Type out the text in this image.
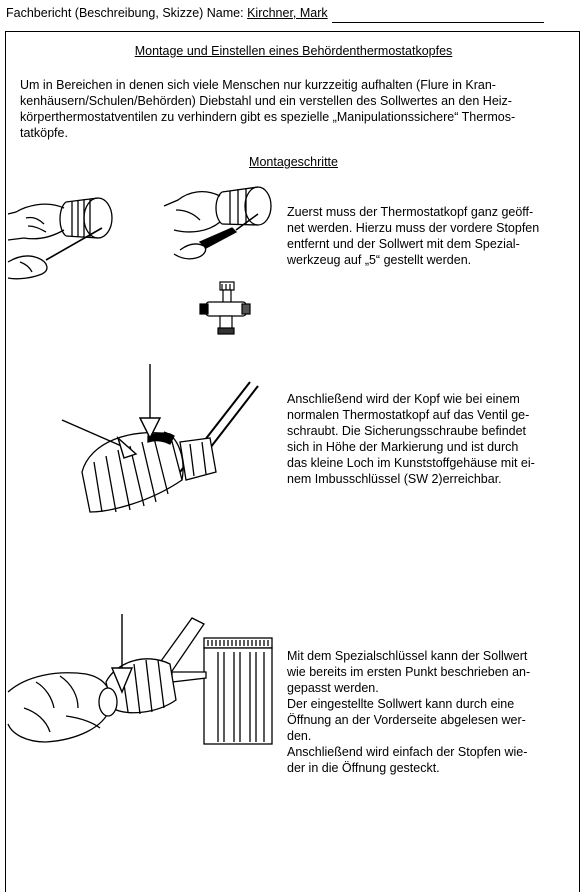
Fachbericht (Beschreibung, Skizze) Name: Kirchner, Mark
Montage und Einstellen eines Behördenthermostatkopfes
Um in Bereichen in denen sich viele Menschen nur kurzzeitig aufhalten (Flure in Kran-
kenhäusern/Schulen/Behörden) Diebstahl und ein verstellen des Sollwertes an den Heiz-
körperthermostatventilen zu verhindern gibt es spezielle „Manipulationssichere“ Thermos-
tatköpfe.
Montageschritte
Zuerst muss der Thermostatkopf ganz geöff-
net werden. Hierzu muss der vordere Stopfen
entfernt und der Sollwert mit dem Spezial-
werkzeug auf „5“ gestellt werden.
Anschließend wird der Kopf wie bei einem
normalen Thermostatkopf auf das Ventil ge-
schraubt. Die Sicherungsschraube befindet
sich in Höhe der Markierung und ist durch
das kleine Loch im Kunststoffgehäuse mit ei-
nem Imbusschlüssel (SW 2)erreichbar.
Mit dem Spezialschlüssel kann der Sollwert
wie bereits im ersten Punkt beschrieben an-
gepasst werden.
Der eingestellte Sollwert kann durch eine
Öffnung an der Vorderseite abgelesen wer-
den.
Anschließend wird einfach der Stopfen wie-
der in die Öffnung gesteckt.
